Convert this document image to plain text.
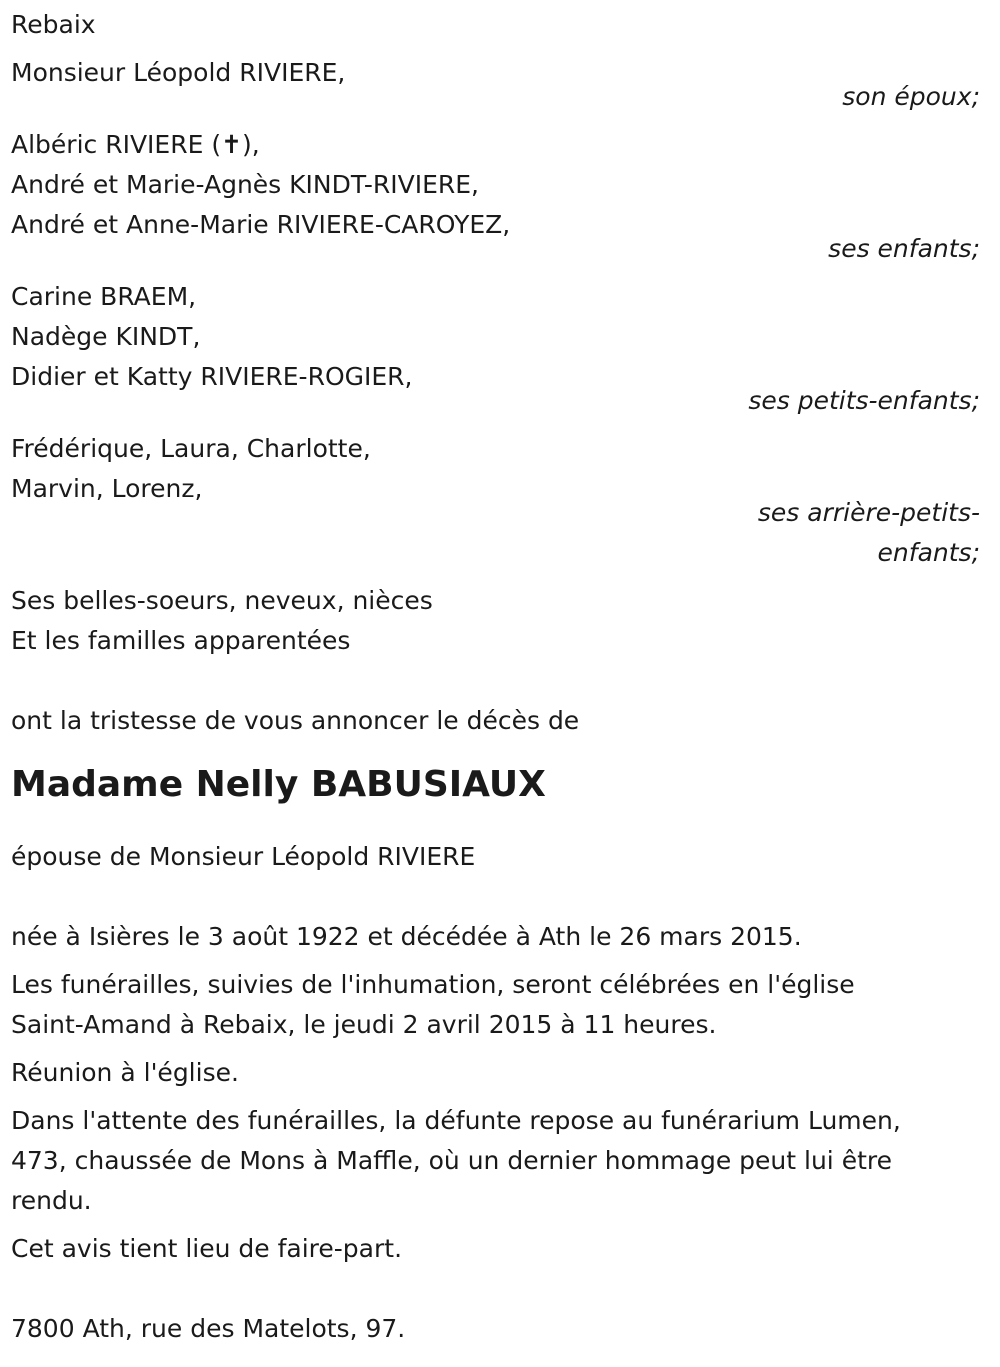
Rebaix
Monsieur Léopold RIVIERE,
son époux;
Albéric RIVIERE (✝),
André et Marie-Agnès KINDT-RIVIERE,
André et Anne-Marie RIVIERE-CAROYEZ,
ses enfants;
Carine BRAEM,
Nadège KINDT,
Didier et Katty RIVIERE-ROGIER,
ses petits-enfants;
Frédérique, Laura, Charlotte,
Marvin, Lorenz,
ses arrière-petits-
enfants;
Ses belles-soeurs, neveux, nièces
Et les familles apparentées
ont la tristesse de vous annoncer le décès de
Madame Nelly BABUSIAUX
épouse de Monsieur Léopold RIVIERE
née à Isières le 3 août 1922 et décédée à Ath le 26 mars 2015.
Les funérailles, suivies de l'inhumation, seront célébrées en l'église
Saint-Amand à Rebaix, le jeudi 2 avril 2015 à 11 heures.
Réunion à l'église.
Dans l'attente des funérailles, la défunte repose au funérarium Lumen,
473, chaussée de Mons à Maffle, où un dernier hommage peut lui être
rendu.
Cet avis tient lieu de faire-part.
7800 Ath, rue des Matelots, 97.
